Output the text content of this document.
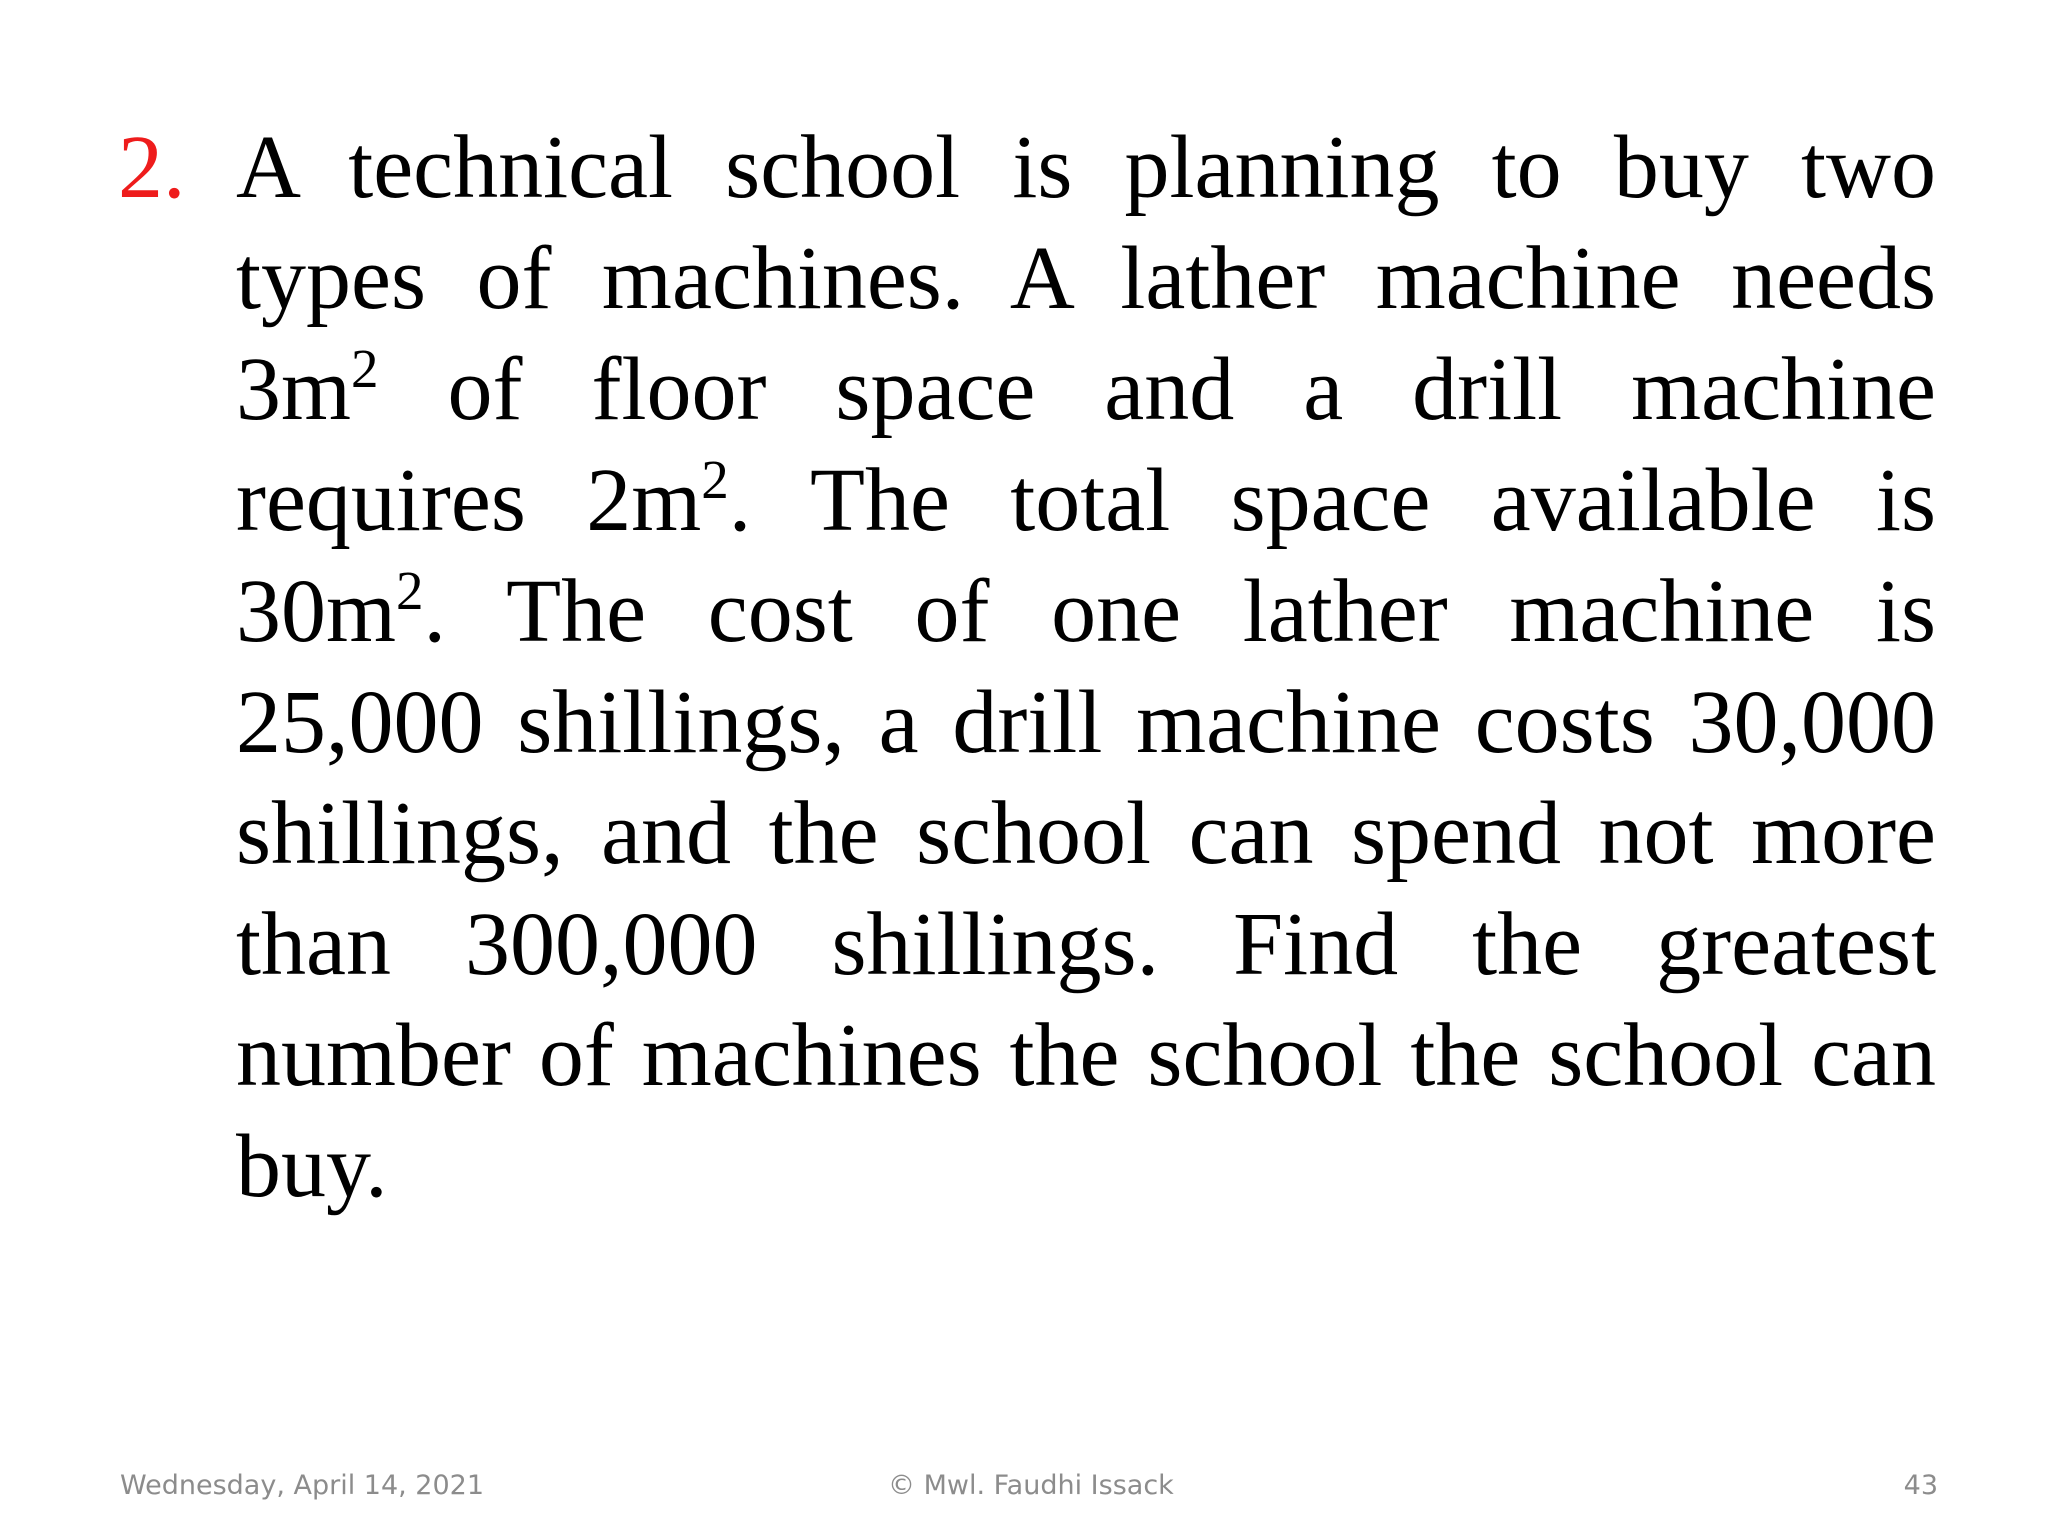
2. A technical school is planning to buy two
types of machines. A lather machine needs
$3m^2$ of floor space and a drill machine
requires $2m^2$. The total space available is
$30m^2$. The cost of one lather machine is
25,000 shillings, a drill machine costs 30,000
shillings, and the school can spend not more
than 300,000 shillings. Find the greatest
number of machines the school the school can
buy.
Wednesday, April 14, 2021	© Mwl. Faudhi Issack	43
